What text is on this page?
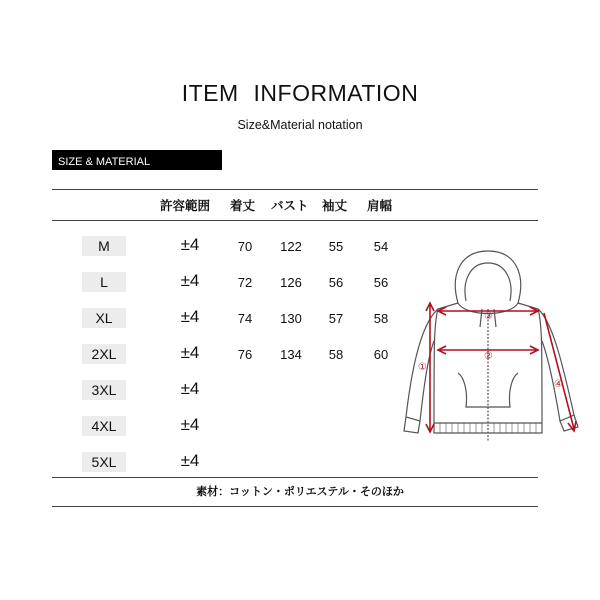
ITEM INFORMATION
Size&Material notation
SIZE & MATERIAL
許容範囲 着丈 バスト 袖丈 肩幅
M	±4	70	122	55	54
L	±4	72	126	56	56
XL	±4	74	130	57	58
2XL	±4	76	134	58	60
3XL	±4
4XL	±4
5XL	±4
素材：コットン・ポリエステル・そのほか
①
②
③
④
